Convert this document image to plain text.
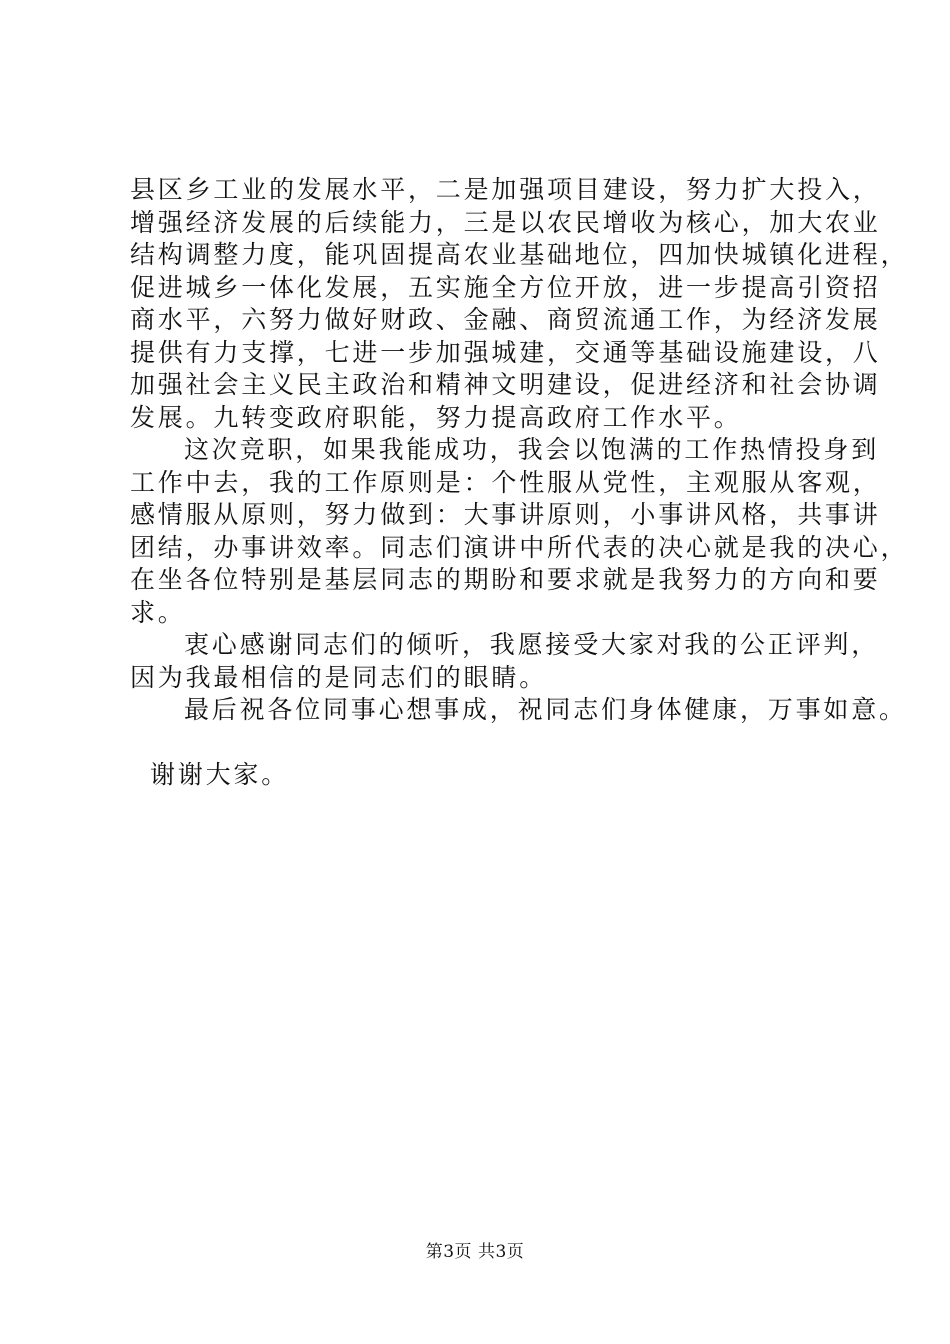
县区乡工业的发展水平，二是加强项目建设，努力扩大投入，
增强经济发展的后续能力，三是以农民增收为核心，加大农业
结构调整力度，能巩固提高农业基础地位，四加快城镇化进程，
促进城乡一体化发展，五实施全方位开放，进一步提高引资招
商水平，六努力做好财政、金融、商贸流通工作，为经济发展
提供有力支撑，七进一步加强城建，交通等基础设施建设，八
加强社会主义民主政治和精神文明建设，促进经济和社会协调
发展。九转变政府职能，努力提高政府工作水平。
这次竞职，如果我能成功，我会以饱满的工作热情投身到
工作中去，我的工作原则是：个性服从党性，主观服从客观，
感情服从原则，努力做到：大事讲原则，小事讲风格，共事讲
团结，办事讲效率。同志们演讲中所代表的决心就是我的决心，
在坐各位特别是基层同志的期盼和要求就是我努力的方向和要
求。
衷心感谢同志们的倾听，我愿接受大家对我的公正评判，
因为我最相信的是同志们的眼睛。
最后祝各位同事心想事成，祝同志们身体健康，万事如意。
谢谢大家。
第3页 共3页
